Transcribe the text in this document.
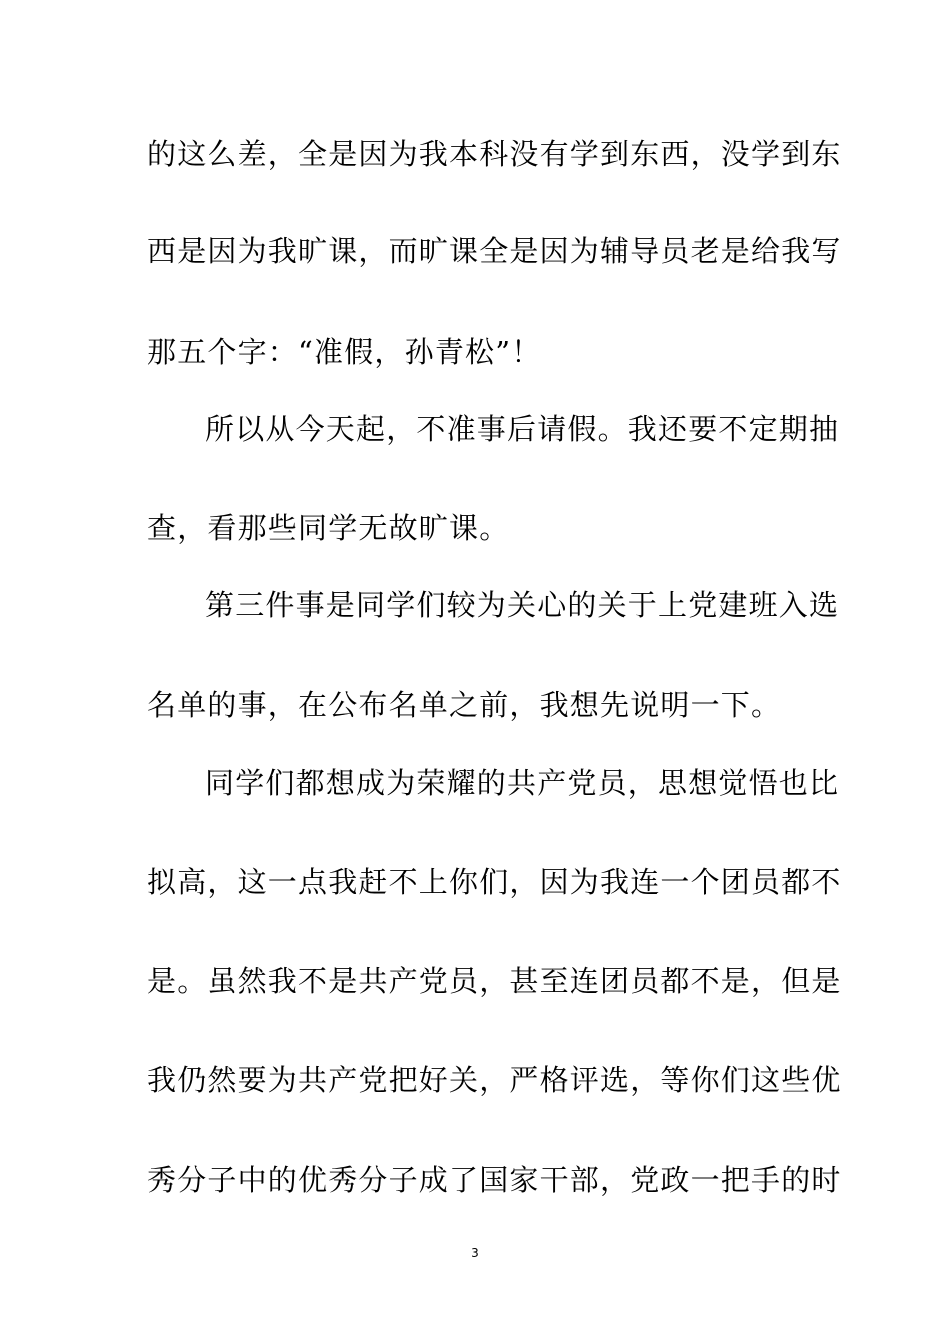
的这么差，全是因为我本科没有学到东西，没学到东
西是因为我旷课，而旷课全是因为辅导员老是给我写
那五个字：“准假，孙青松”！
所以从今天起，不准事后请假。我还要不定期抽
查，看那些同学无故旷课。
第三件事是同学们较为关心的关于上党建班入选
名单的事，在公布名单之前，我想先说明一下。
同学们都想成为荣耀的共产党员，思想觉悟也比
拟高，这一点我赶不上你们，因为我连一个团员都不
是。虽然我不是共产党员，甚至连团员都不是，但是
我仍然要为共产党把好关，严格评选，等你们这些优
秀分子中的优秀分子成了国家干部，党政一把手的时
3
